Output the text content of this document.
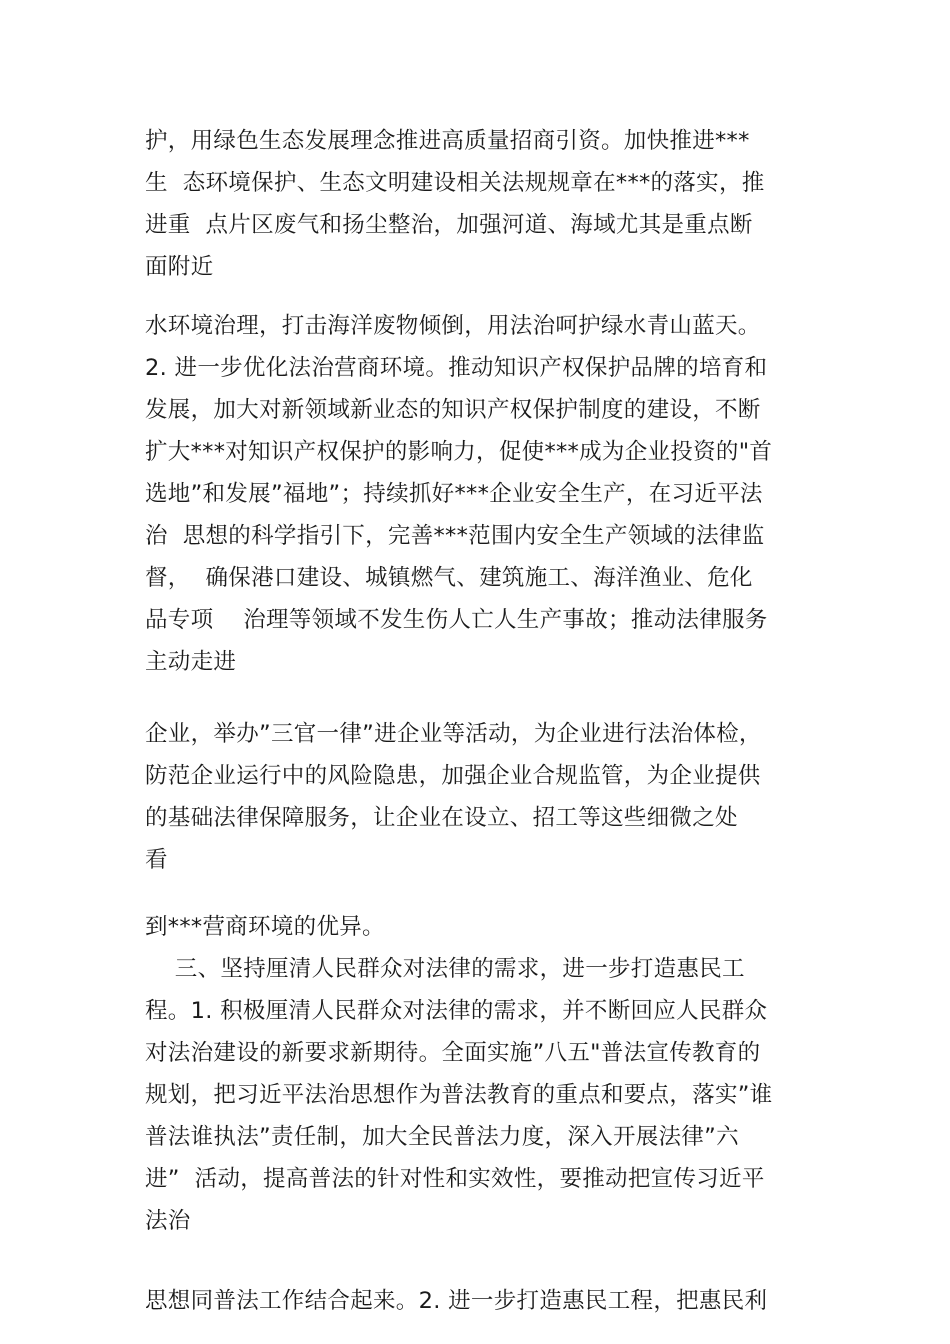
护，用绿色生态发展理念推进高质量招商引资。加快推进***
生  态环境保护、生态文明建设相关法规规章在***的落实，推
进重  点片区废气和扬尘整治，加强河道、海域尤其是重点断
面附近
水环境治理，打击海洋废物倾倒，用法治呵护绿水青山蓝天。
2. 进一步优化法治营商环境。推动知识产权保护品牌的培育和
发展，加大对新领域新业态的知识产权保护制度的建设，不断
扩大***对知识产权保护的影响力，促使***成为企业投资的"首
选地”和发展”福地”；持续抓好***企业安全生产，在习近平法
治  思想的科学指引下，完善***范围内安全生产领域的法律监
督，  确保港口建设、城镇燃气、建筑施工、海洋渔业、危化
品专项    治理等领域不发生伤人亡人生产事故；推动法律服务
主动走进
企业，举办”三官一律”进企业等活动，为企业进行法治体检，
防范企业运行中的风险隐患，加强企业合规监管，为企业提供
的基础法律保障服务，让企业在设立、招工等这些细微之处
看
到***营商环境的优异。
三、坚持厘清人民群众对法律的需求，进一步打造惠民工
程。1. 积极厘清人民群众对法律的需求，并不断回应人民群众
对法治建设的新要求新期待。全面实施”八五"普法宣传教育的
规划，把习近平法治思想作为普法教育的重点和要点，落实”谁
普法谁执法”责任制，加大全民普法力度，深入开展法律”六
进”  活动，提高普法的针对性和实效性，要推动把宣传习近平
法治
思想同普法工作结合起来。2. 进一步打造惠民工程，把惠民利
